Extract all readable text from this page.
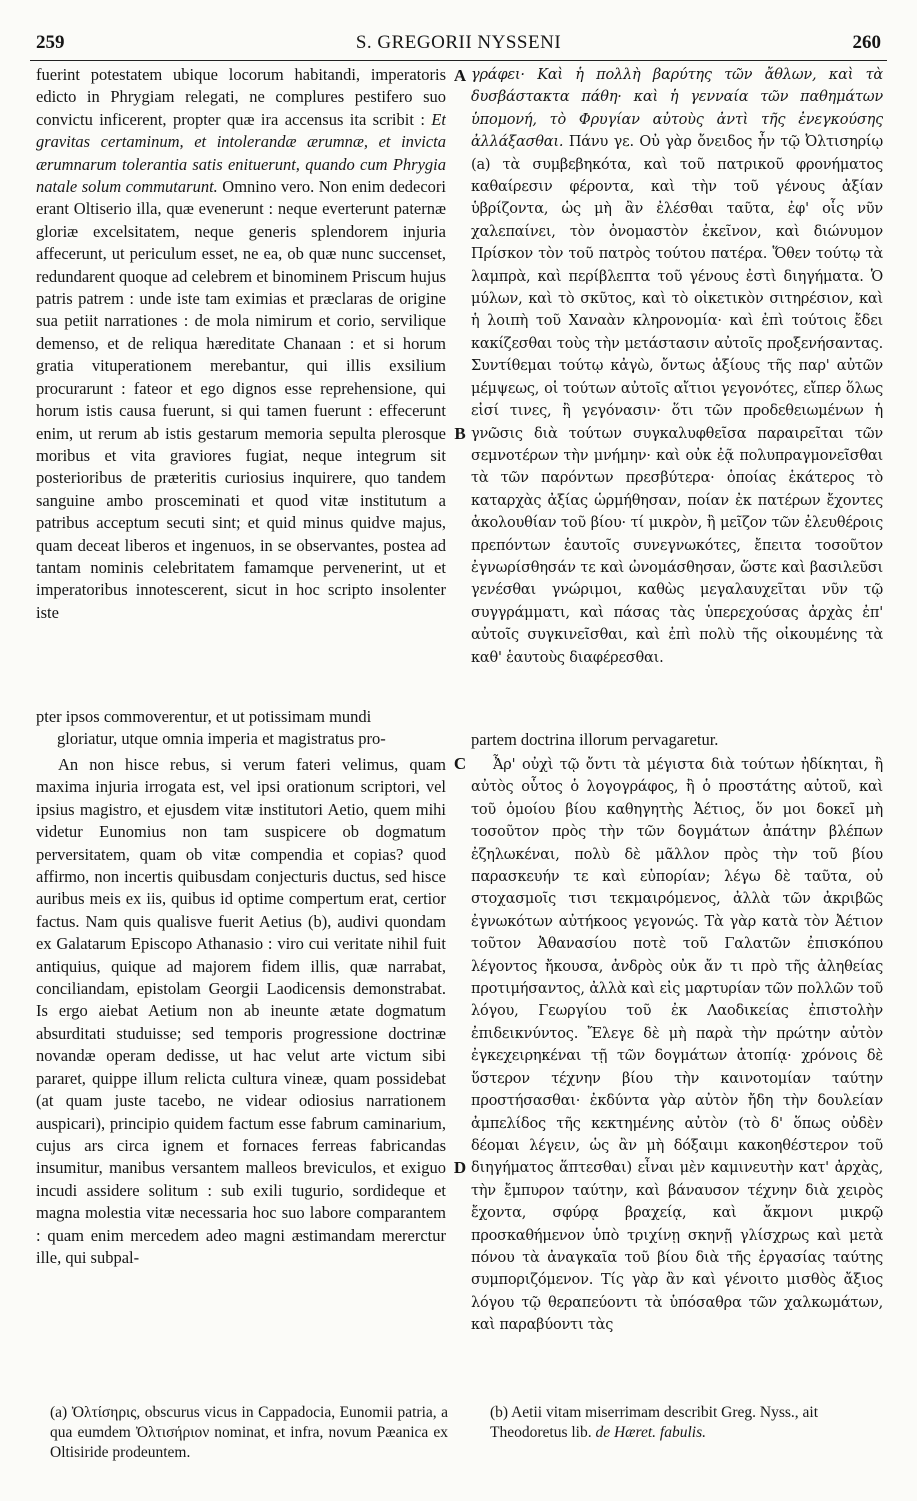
259	S. GREGORII NYSSENI	260

fuerint potestatem ubique locorum habitandi, imperatoris edicto in Phrygiam relegati, ne complures pestifero suo convictu inficerent, propter quæ ira accensus ita scribit : Et gravitas certaminum, et intolerandæ ærumnæ, et invicta ærumnarum tolerantia satis enituerunt, quando cum Phrygia natale solum commutarunt. Omnino vero. Non enim dedecori erant Oltiserio illa, quæ evenerunt : neque everterunt paternæ gloriæ excelsitatem, neque generis splendorem injuria affecerunt, ut periculum esset, ne ea, ob quæ nunc succenset, redundarent quoque ad celebrem et binominem Priscum hujus patris patrem : unde iste tam eximias et præclaras de origine sua petiit narrationes : de mola nimirum et corio, servilique demenso, et de reliqua hæreditate Chanaan : et si horum gratia vituperationem merebantur, qui illis exsilium procurarunt : fateor et ego dignos esse reprehensione, qui horum istis causa fuerunt, si qui tamen fuerunt : effecerunt enim, ut rerum ab istis gestarum memoria sepulta plerosque moribus et vita graviores fugiat, neque integrum sit posterioribus de præteritis curiosius inquirere, quo tandem sanguine ambo prosceminati et quod vitæ institutum a patribus acceptum secuti sint; et quid minus quidve majus, quam deceat liberos et ingenuos, in se observantes, postea ad tantam nominis celebritatem famamque pervenerint, ut et imperatoribus innotescerent, sicut in hoc scripto insolenter iste

γράφει· Καὶ ἡ πολλὴ βαρύτης τῶν ἄθλων, καὶ τὰ δυσβάστακτα πάθη· καὶ ἡ γενναία τῶν παθημάτων ὑπομονή, τὸ Φρυγίαν αὐτοὺς ἀντὶ τῆς ἐνεγκούσης ἀλλάξασθαι. Πάνυ γε. Οὐ γὰρ ὄνειδος ἦν τῷ Ὀλτισηρίῳ (a) τὰ συμβεβηκότα, καὶ τοῦ πατρικοῦ φρονήματος καθαίρεσιν φέροντα, καὶ τὴν τοῦ γένους ἀξίαν ὑβρίζοντα, ὡς μὴ ἂν ἐλέσθαι ταῦτα, ἐφ' οἷς νῦν χαλεπαίνει, τὸν ὀνομαστὸν ἐκεῖνον, καὶ διώνυμον Πρίσκον τὸν τοῦ πατρὸς τούτου πατέρα. Ὅθεν τούτῳ τὰ λαμπρὰ, καὶ περίβλεπτα τοῦ γένους ἐστὶ διηγήματα. Ὁ μύλων, καὶ τὸ σκῦτος, καὶ τὸ οἰκετικὸν σιτηρέσιον, καὶ ἡ λοιπὴ τοῦ Χαναὰν κληρονομία· καὶ ἐπὶ τούτοις ἔδει κακίζεσθαι τοὺς τὴν μετάστασιν αὐτοῖς προξενήσαντας. Συντίθεμαι τούτῳ κἀγὼ, ὄντως ἀξίους τῆς παρ' αὐτῶν μέμψεως, οἱ τούτων αὐτοῖς αἴτιοι γεγονότες, εἴπερ ὅλως εἰσί τινες, ἢ γεγόνασιν· ὅτι τῶν προδεθειωμένων ἡ γνῶσις διὰ τούτων συγκαλυφθεῖσα παραιρεῖται τῶν σεμνοτέρων τὴν μνήμην· καὶ οὐκ ἐᾷ πολυπραγμονεῖσθαι τὰ τῶν παρόντων πρεσβύτερα· ὁποίας ἑκάτερος τὸ καταρχὰς ἀξίας ὡρμήθησαν, ποίαν ἐκ πατέρων ἔχοντες ἀκολουθίαν τοῦ βίου· τί μικρὸν, ἢ μεῖζον τῶν ἐλευθέροις πρεπόντων ἑαυτοῖς συνεγνωκότες, ἔπειτα τοσοῦτον ἐγνωρίσθησάν τε καὶ ὠνομάσθησαν, ὥστε καὶ βασιλεῦσι γενέσθαι γνώριμοι, καθὼς μεγαλαυχεῖται νῦν τῷ συγγράμματι, καὶ πάσας τὰς ὑπερεχούσας ἀρχὰς ἐπ' αὐτοῖς συγκινεῖσθαι, καὶ ἐπὶ πολὺ τῆς οἰκουμένης τὰ καθ' ἑαυτοὺς διαφέρεσθαι.

pter ipsos commoverentur, et ut potissimam mundi gloriatur, utque omnia imperia et magistratus pro-	partem doctrina illorum pervagaretur.

An non hisce rebus, si verum fateri velimus, quam maxima injuria irrogata est, vel ipsi orationum scriptori, vel ipsius magistro, et ejusdem vitæ institutori Aetio, quem mihi videtur Eunomius non tam suspicere ob dogmatum perversitatem, quam ob vitæ compendia et copias? quod affirmo, non incertis quibusdam conjecturis ductus, sed hisce auribus meis ex iis, quibus id optime compertum erat, certior factus. Nam quis qualisve fuerit Aetius (b), audivi quondam ex Galatarum Episcopo Athanasio : viro cui veritate nihil fuit antiquius, quique ad majorem fidem illis, quæ narrabat, conciliandam, epistolam Georgii Laodicensis demonstrabat. Is ergo aiebat Aetium non ab ineunte ætate dogmatum absurditati studuisse; sed temporis progressione doctrinæ novandæ operam dedisse, ut hac velut arte victum sibi pararet, quippe illum relicta cultura vineæ, quam possidebat (at quam juste tacebo, ne videar odiosius narrationem auspicari), principio quidem factum esse fabrum caminarium, cujus ars circa ignem et fornaces ferreas fabricandas insumitur, manibus versantem malleos breviculos, et exiguo incudi assidere solitum : sub exili tugurio, sordideque et magna molestia vitæ necessaria hoc suo labore comparantem : quam enim mercedem adeo magni æstimandam mererctur ille, qui subpal-

Ἆρ' οὐχὶ τῷ ὄντι τὰ μέγιστα διὰ τούτων ἠδίκηται, ἢ αὐτὸς οὗτος ὁ λογογράφος, ἢ ὁ προστάτης αὐτοῦ, καὶ τοῦ ὁμοίου βίου καθηγητὴς Ἀέτιος, ὅν μοι δοκεῖ μὴ τοσοῦτον πρὸς τὴν τῶν δογμάτων ἀπάτην βλέπων ἐζηλωκέναι, πολὺ δὲ μᾶλλον πρὸς τὴν τοῦ βίου παρασκευήν τε καὶ εὐπορίαν; λέγω δὲ ταῦτα, οὐ στοχασμοῖς τισι τεκμαιρόμενος, ἀλλὰ τῶν ἀκριβῶς ἐγνωκότων αὐτήκοος γεγονώς. Τὰ γὰρ κατὰ τὸν Ἀέτιον τοῦτον Ἀθανασίου ποτὲ τοῦ Γαλατῶν ἐπισκόπου λέγοντος ἤκουσα, ἀνδρὸς οὐκ ἄν τι πρὸ τῆς ἀληθείας προτιμήσαντος, ἀλλὰ καὶ εἰς μαρτυρίαν τῶν πολλῶν τοῦ λόγου, Γεωργίου τοῦ ἐκ Λαοδικείας ἐπιστολὴν ἐπιδεικνύντος. Ἔλεγε δὲ μὴ παρὰ τὴν πρώτην αὐτὸν ἐγκεχειρηκέναι τῇ τῶν δογμάτων ἀτοπίᾳ· χρόνοις δὲ ὕστερον τέχνην βίου τὴν καινοτομίαν ταύτην προστήσασθαι· ἐκδύντα γὰρ αὐτὸν ἤδη τὴν δουλείαν ἀμπελίδος τῆς κεκτημένης αὐτὸν (τὸ δ' ὅπως οὐδὲν δέομαι λέγειν, ὡς ἂν μὴ δόξαιμι κακοηθέστερον τοῦ διηγήματος ἅπτεσθαι) εἶναι μὲν καμινευτὴν κατ' ἀρχὰς, τὴν ἔμπυρον ταύτην, καὶ βάναυσον τέχνην διὰ χειρὸς ἔχοντα, σφύρᾳ βραχείᾳ, καὶ ἄκμονι μικρῷ προσκαθήμενον ὑπὸ τριχίνῃ σκηνῇ γλίσχρως καὶ μετὰ πόνου τὰ ἀναγκαῖα τοῦ βίου διὰ τῆς ἐργασίας ταύτης συμποριζόμενον. Τίς γὰρ ἂν καὶ γένοιτο μισθὸς ἄξιος λόγου τῷ θεραπεύοντι τὰ ὑπόσαθρα τῶν χαλκωμάτων, καὶ παραβύοντι τὰς

A
B
C
D
(a) Ὀλτίσηρις, obscurus vicus in Cappadocia, Eunomii patria, a qua eumdem Ὀλτισήριον nominat, et infra, novum Pæanica ex Oltisiride prodeuntem.
(b) Aetii vitam miserrimam describit Greg. Nyss., ait Theodoretus lib. de Hæret. fabulis.
